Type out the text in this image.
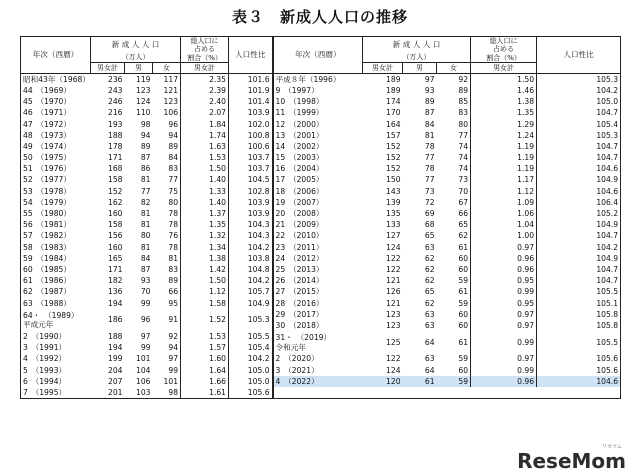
表３　新成人人口の推移
年次（西暦）	新 成 人 人 口			総人口に
占める
割合（%）	人口性比	年次（西暦）	新 成 人 人 口			総人口に
占める
割合（%）	人口性比
	（万人）						（万人）				
	男女計	男	女	男女計			男女計	男	女	男女計	
昭和43年（1968）	236	119	117	2.35	101.6	平成８年（1996）	189	97	92	1.50	105.3
44　（1969）	243	123	121	2.39	101.9	9　（1997）	189	93	89	1.46	104.2
45　（1970）	246	124	123	2.40	101.4	10　（1998）	174	89	85	1.38	105.0
46　（1971）	216	110	106	2.07	103.9	11　（1999）	170	87	83	1.35	104.7
47　（1972）	193	98	96	1.84	102.0	12　（2000）	164	84	80	1.29	105.4
48　（1973）	188	94	94	1.74	100.8	13　（2001）	157	81	77	1.24	105.3
49　（1974）	178	89	89	1.63	100.6	14　（2002）	152	78	74	1.19	104.7
50　（1975）	171	87	84	1.53	103.7	15　（2003）	152	77	74	1.19	104.7
51　（1976）	168	86	83	1.50	103.7	16　（2004）	152	78	74	1.19	104.6
52　（1977）	158	81	77	1.40	104.5	17　（2005）	150	77	73	1.17	104.9
53　（1978）	152	77	75	1.33	102.8	18　（2006）	143	73	70	1.12	104.6
54　（1979）	162	82	80	1.40	103.9	19　（2007）	139	72	67	1.09	106.4
55　（1980）	160	81	78	1.37	103.9	20　（2008）	135	69	66	1.06	105.2
56　（1981）	158	81	78	1.35	104.3	21　（2009）	133	68	65	1.04	104.9
57　（1982）	156	80	76	1.32	104.3	22　（2010）	127	65	62	1.00	104.7
58　（1983）	160	81	78	1.34	104.2	23　（2011）	124	63	61	0.97	104.2
59　（1984）	165	84	81	1.38	103.8	24　（2012）	122	62	60	0.96	104.9
60　（1985）	171	87	83	1.42	104.8	25　（2013）	122	62	60	0.96	104.7
61　（1986）	182	93	89	1.50	104.2	26　（2014）	121	62	59	0.95	104.7
62　（1987）	136	70	66	1.12	105.7	27　（2015）	126	65	61	0.99	105.5
63　（1988）	194	99	95	1.58	104.9	28　（2016）	121	62	59	0.95	105.1
64・　（1989）
平成元年	186	96	91	1.52	105.3	29　（2017）	123	63	60	0.97	105.8
						30　（2018）	123	63	60	0.97	105.8
2　（1990）	188	97	92	1.53	105.5	31・　（2019）
令和元年	125	64	61	0.99	105.5
3　（1991）	194	99	94	1.57	105.4						
4　（1992）	199	101	97	1.60	104.2	2　（2020）	122	63	59	0.97	105.6
5　（1993）	204	104	99	1.64	105.0	3　（2021）	124	64	60	0.99	105.6
6　（1994）	207	106	101	1.66	105.0	4　（2022）	120	61	59	0.96	104.6
7　（1995）	201	103	98	1.61	105.6						
ReseMom
リセマム
